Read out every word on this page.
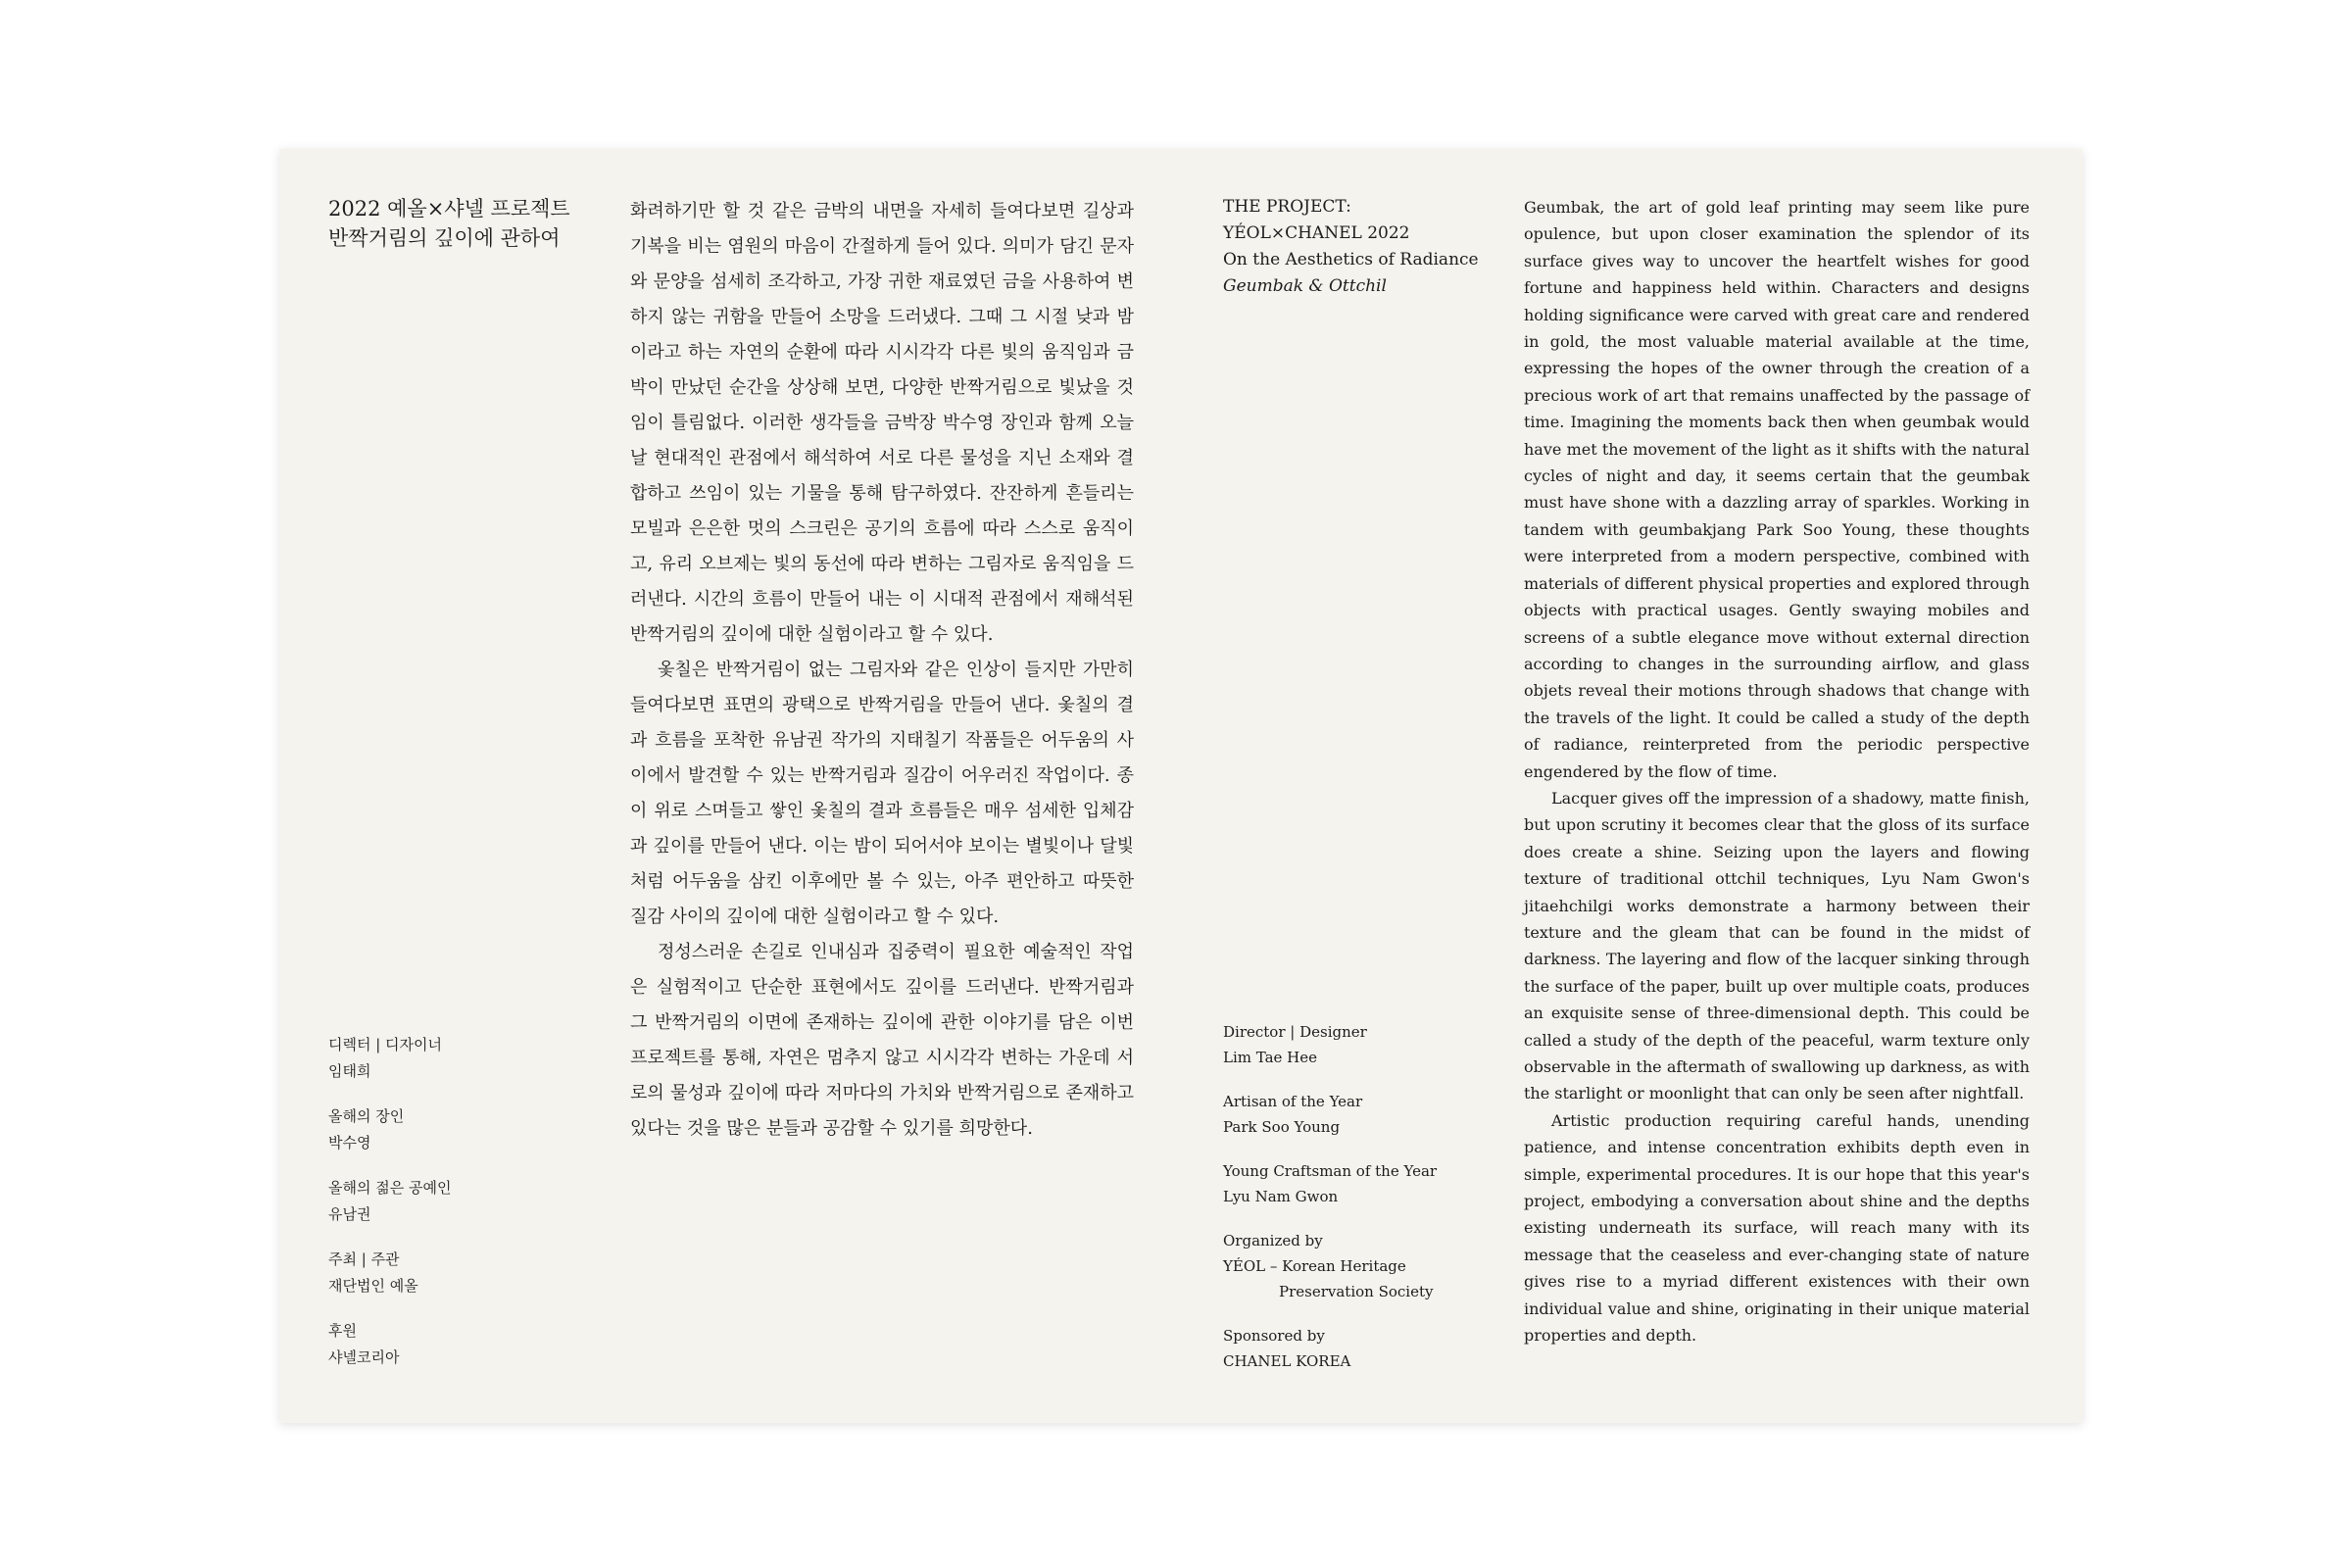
2022 예올×샤넬 프로젝트
반짝거림의 깊이에 관하여
디렉터 | 디자이너
임태희
올해의 장인
박수영
올해의 젊은 공예인
유남권
주최 | 주관
재단법인 예올
후원
샤넬코리아

화려하기만 할 것 같은 금박의 내면을 자세히 들여다보면 길상과 기복을 비는 염원의 마음이 간절하게 들어 있다. 의미가 담긴 문자와 문양을 섬세히 조각하고, 가장 귀한 재료였던 금을 사용하여 변하지 않는 귀함을 만들어 소망을 드러냈다. 그때 그 시절 낮과 밤이라고 하는 자연의 순환에 따라 시시각각 다른 빛의 움직임과 금박이 만났던 순간을 상상해 보면, 다양한 반짝거림으로 빛났을 것임이 틀림없다. 이러한 생각들을 금박장 박수영 장인과 함께 오늘날 현대적인 관점에서 해석하여 서로 다른 물성을 지닌 소재와 결합하고 쓰임이 있는 기물을 통해 탐구하였다. 잔잔하게 흔들리는 모빌과 은은한 멋의 스크린은 공기의 흐름에 따라 스스로 움직이고, 유리 오브제는 빛의 동선에 따라 변하는 그림자로 움직임을 드러낸다. 시간의 흐름이 만들어 내는 이 시대적 관점에서 재해석된 반짝거림의 깊이에 대한 실험이라고 할 수 있다.

옻칠은 반짝거림이 없는 그림자와 같은 인상이 들지만 가만히 들여다보면 표면의 광택으로 반짝거림을 만들어 낸다. 옻칠의 결과 흐름을 포착한 유남권 작가의 지태칠기 작품들은 어두움의 사이에서 발견할 수 있는 반짝거림과 질감이 어우러진 작업이다. 종이 위로 스며들고 쌓인 옻칠의 결과 흐름들은 매우 섬세한 입체감과 깊이를 만들어 낸다. 이는 밤이 되어서야 보이는 별빛이나 달빛처럼 어두움을 삼킨 이후에만 볼 수 있는, 아주 편안하고 따뜻한 질감 사이의 깊이에 대한 실험이라고 할 수 있다.

정성스러운 손길로 인내심과 집중력이 필요한 예술적인 작업은 실험적이고 단순한 표현에서도 깊이를 드러낸다. 반짝거림과 그 반짝거림의 이면에 존재하는 깊이에 관한 이야기를 담은 이번 프로젝트를 통해, 자연은 멈추지 않고 시시각각 변하는 가운데 서로의 물성과 깊이에 따라 저마다의 가치와 반짝거림으로 존재하고 있다는 것을 많은 분들과 공감할 수 있기를 희망한다.

THE PROJECT:
YÉOL×CHANEL 2022
On the Aesthetics of Radiance
Geumbak & Ottchil
Director | Designer
Lim Tae Hee
Artisan of the Year
Park Soo Young
Young Craftsman of the Year
Lyu Nam Gwon
Organized by
YÉOL – Korean Heritage
Preservation Society
Sponsored by
CHANEL KOREA

Geumbak, the art of gold leaf printing may seem like pure opulence, but upon closer examination the splendor of its surface gives way to uncover the heartfelt wishes for good fortune and happiness held within. Characters and designs holding significance were carved with great care and rendered in gold, the most valuable material available at the time, expressing the hopes of the owner through the creation of a precious work of art that remains unaffected by the passage of time. Imagining the moments back then when geumbak would have met the movement of the light as it shifts with the natural cycles of night and day, it seems certain that the geumbak must have shone with a dazzling array of sparkles. Working in tandem with geumbakjang Park Soo Young, these thoughts were interpreted from a modern perspective, combined with materials of different physical properties and explored through objects with practical usages. Gently swaying mobiles and screens of a subtle elegance move without external direction according to changes in the surrounding airflow, and glass objets reveal their motions through shadows that change with the travels of the light. It could be called a study of the depth of radiance, reinterpreted from the periodic perspective engendered by the flow of time.

Lacquer gives off the impression of a shadowy, matte finish, but upon scrutiny it becomes clear that the gloss of its surface does create a shine. Seizing upon the layers and flowing texture of traditional ottchil techniques, Lyu Nam Gwon's jitaehchilgi works demonstrate a harmony between their texture and the gleam that can be found in the midst of darkness. The layering and flow of the lacquer sinking through the surface of the paper, built up over multiple coats, produces an exquisite sense of three-dimensional depth. This could be called a study of the depth of the peaceful, warm texture only observable in the aftermath of swallowing up darkness, as with the starlight or moonlight that can only be seen after nightfall.

Artistic production requiring careful hands, unending patience, and intense concentration exhibits depth even in simple, experimental procedures. It is our hope that this year's project, embodying a conversation about shine and the depths existing underneath its surface, will reach many with its message that the ceaseless and ever-changing state of nature gives rise to a myriad different existences with their own individual value and shine, originating in their unique material properties and depth.
